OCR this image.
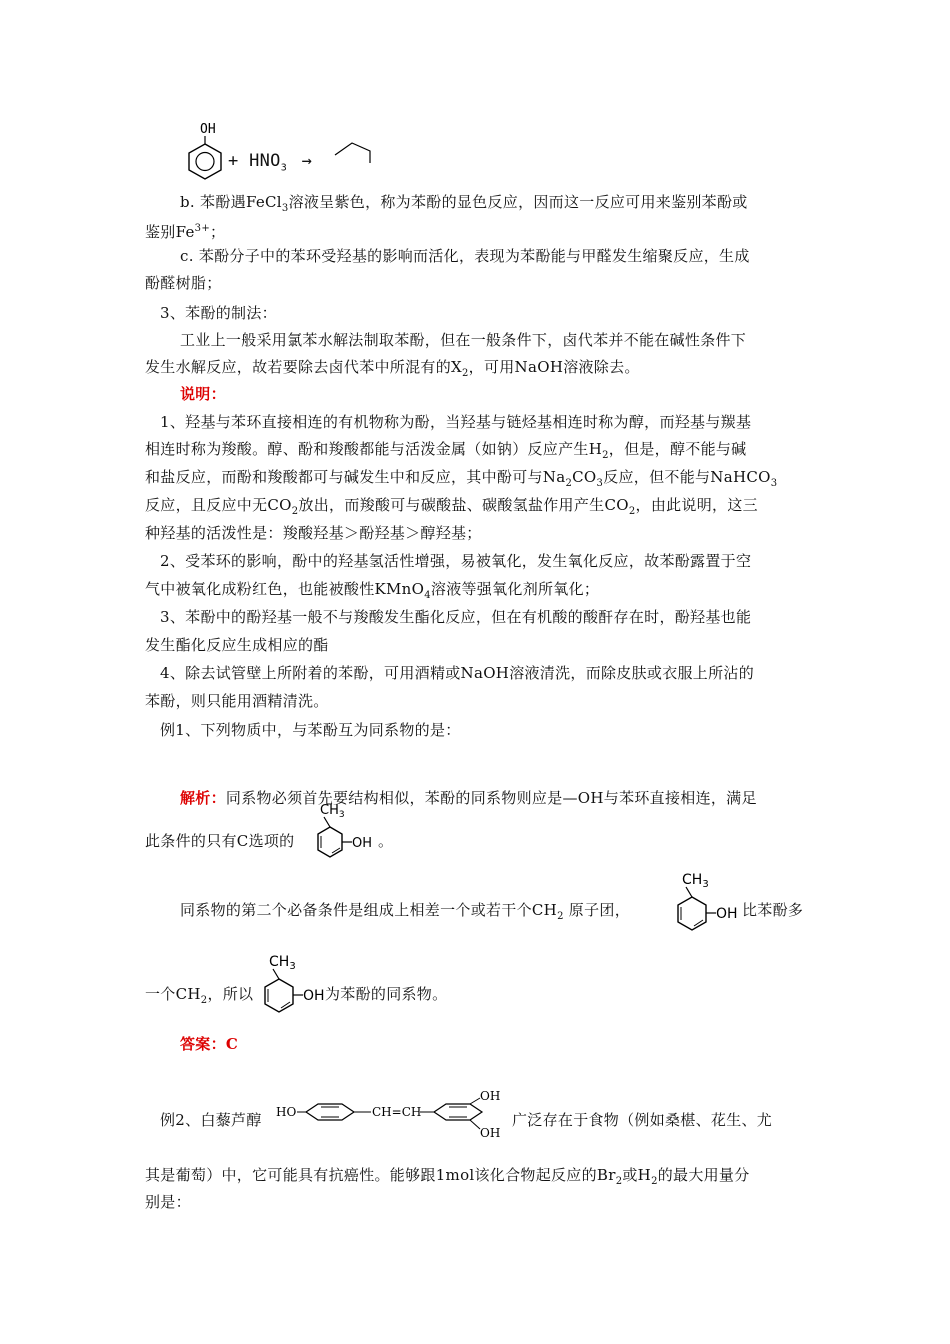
OH
+ $HNO_3$ →
b. 苯酚遇FeCl$_3$溶液呈紫色，称为苯酚的显色反应，因而这一反应可用来鉴别苯酚或
鉴别$Fe^{3+}$；
c. 苯酚分子中的苯环受羟基的影响而活化，表现为苯酚能与甲醛发生缩聚反应，生成
酚醛树脂；
3、苯酚的制法：
工业上一般采用氯苯水解法制取苯酚，但在一般条件下，卤代苯并不能在碱性条件下
发生水解反应，故若要除去卤代苯中所混有的$X_2$，可用NaOH溶液除去。
说明：
1、羟基与苯环直接相连的有机物称为酚，当羟基与链烃基相连时称为醇，而羟基与羰基
相连时称为羧酸。醇、酚和羧酸都能与活泼金属（如钠）反应产生$H_2$，但是，醇不能与碱
和盐反应，而酚和羧酸都可与碱发生中和反应，其中酚可与$Na_2CO_3$反应，但不能与NaHCO$_3$
反应，且反应中无$CO_2$放出，而羧酸可与碳酸盐、碳酸氢盐作用产生$CO_2$，由此说明，这三
种羟基的活泼性是：羧酸羟基＞酚羟基＞醇羟基；
2、受苯环的影响，酚中的羟基氢活性增强，易被氧化，发生氧化反应，故苯酚露置于空
气中被氧化成粉红色，也能被酸性KMnO$_4$溶液等强氧化剂所氧化；
3、苯酚中的酚羟基一般不与羧酸发生酯化反应，但在有机酸的酸酐存在时，酚羟基也能
发生酯化反应生成相应的酯
4、除去试管壁上所附着的苯酚，可用酒精或NaOH溶液清洗，而除皮肤或衣服上所沾的
苯酚，则只能用酒精清洗。
例1、下列物质中，与苯酚互为同系物的是：
解析：同系物必须首先要结构相似，苯酚的同系物则应是—OH与苯环直接相连，满足
此条件的只有C选项的
$CH_3$
OH 。
同系物的第二个必备条件是组成上相差一个或若干个$CH_2$ 原子团，
$CH_3$
OH 比苯酚多
一个$CH_2$，所以
$CH_3$
OH 为苯酚的同系物。
答案：C
例2、白藜芦醇 HO	CH=CH
OH
OH
广泛存在于食物（例如桑椹、花生、尤
其是葡萄）中，它可能具有抗癌性。能够跟1mol该化合物起反应的$Br_2$或$H_2$的最大用量分
别是：
